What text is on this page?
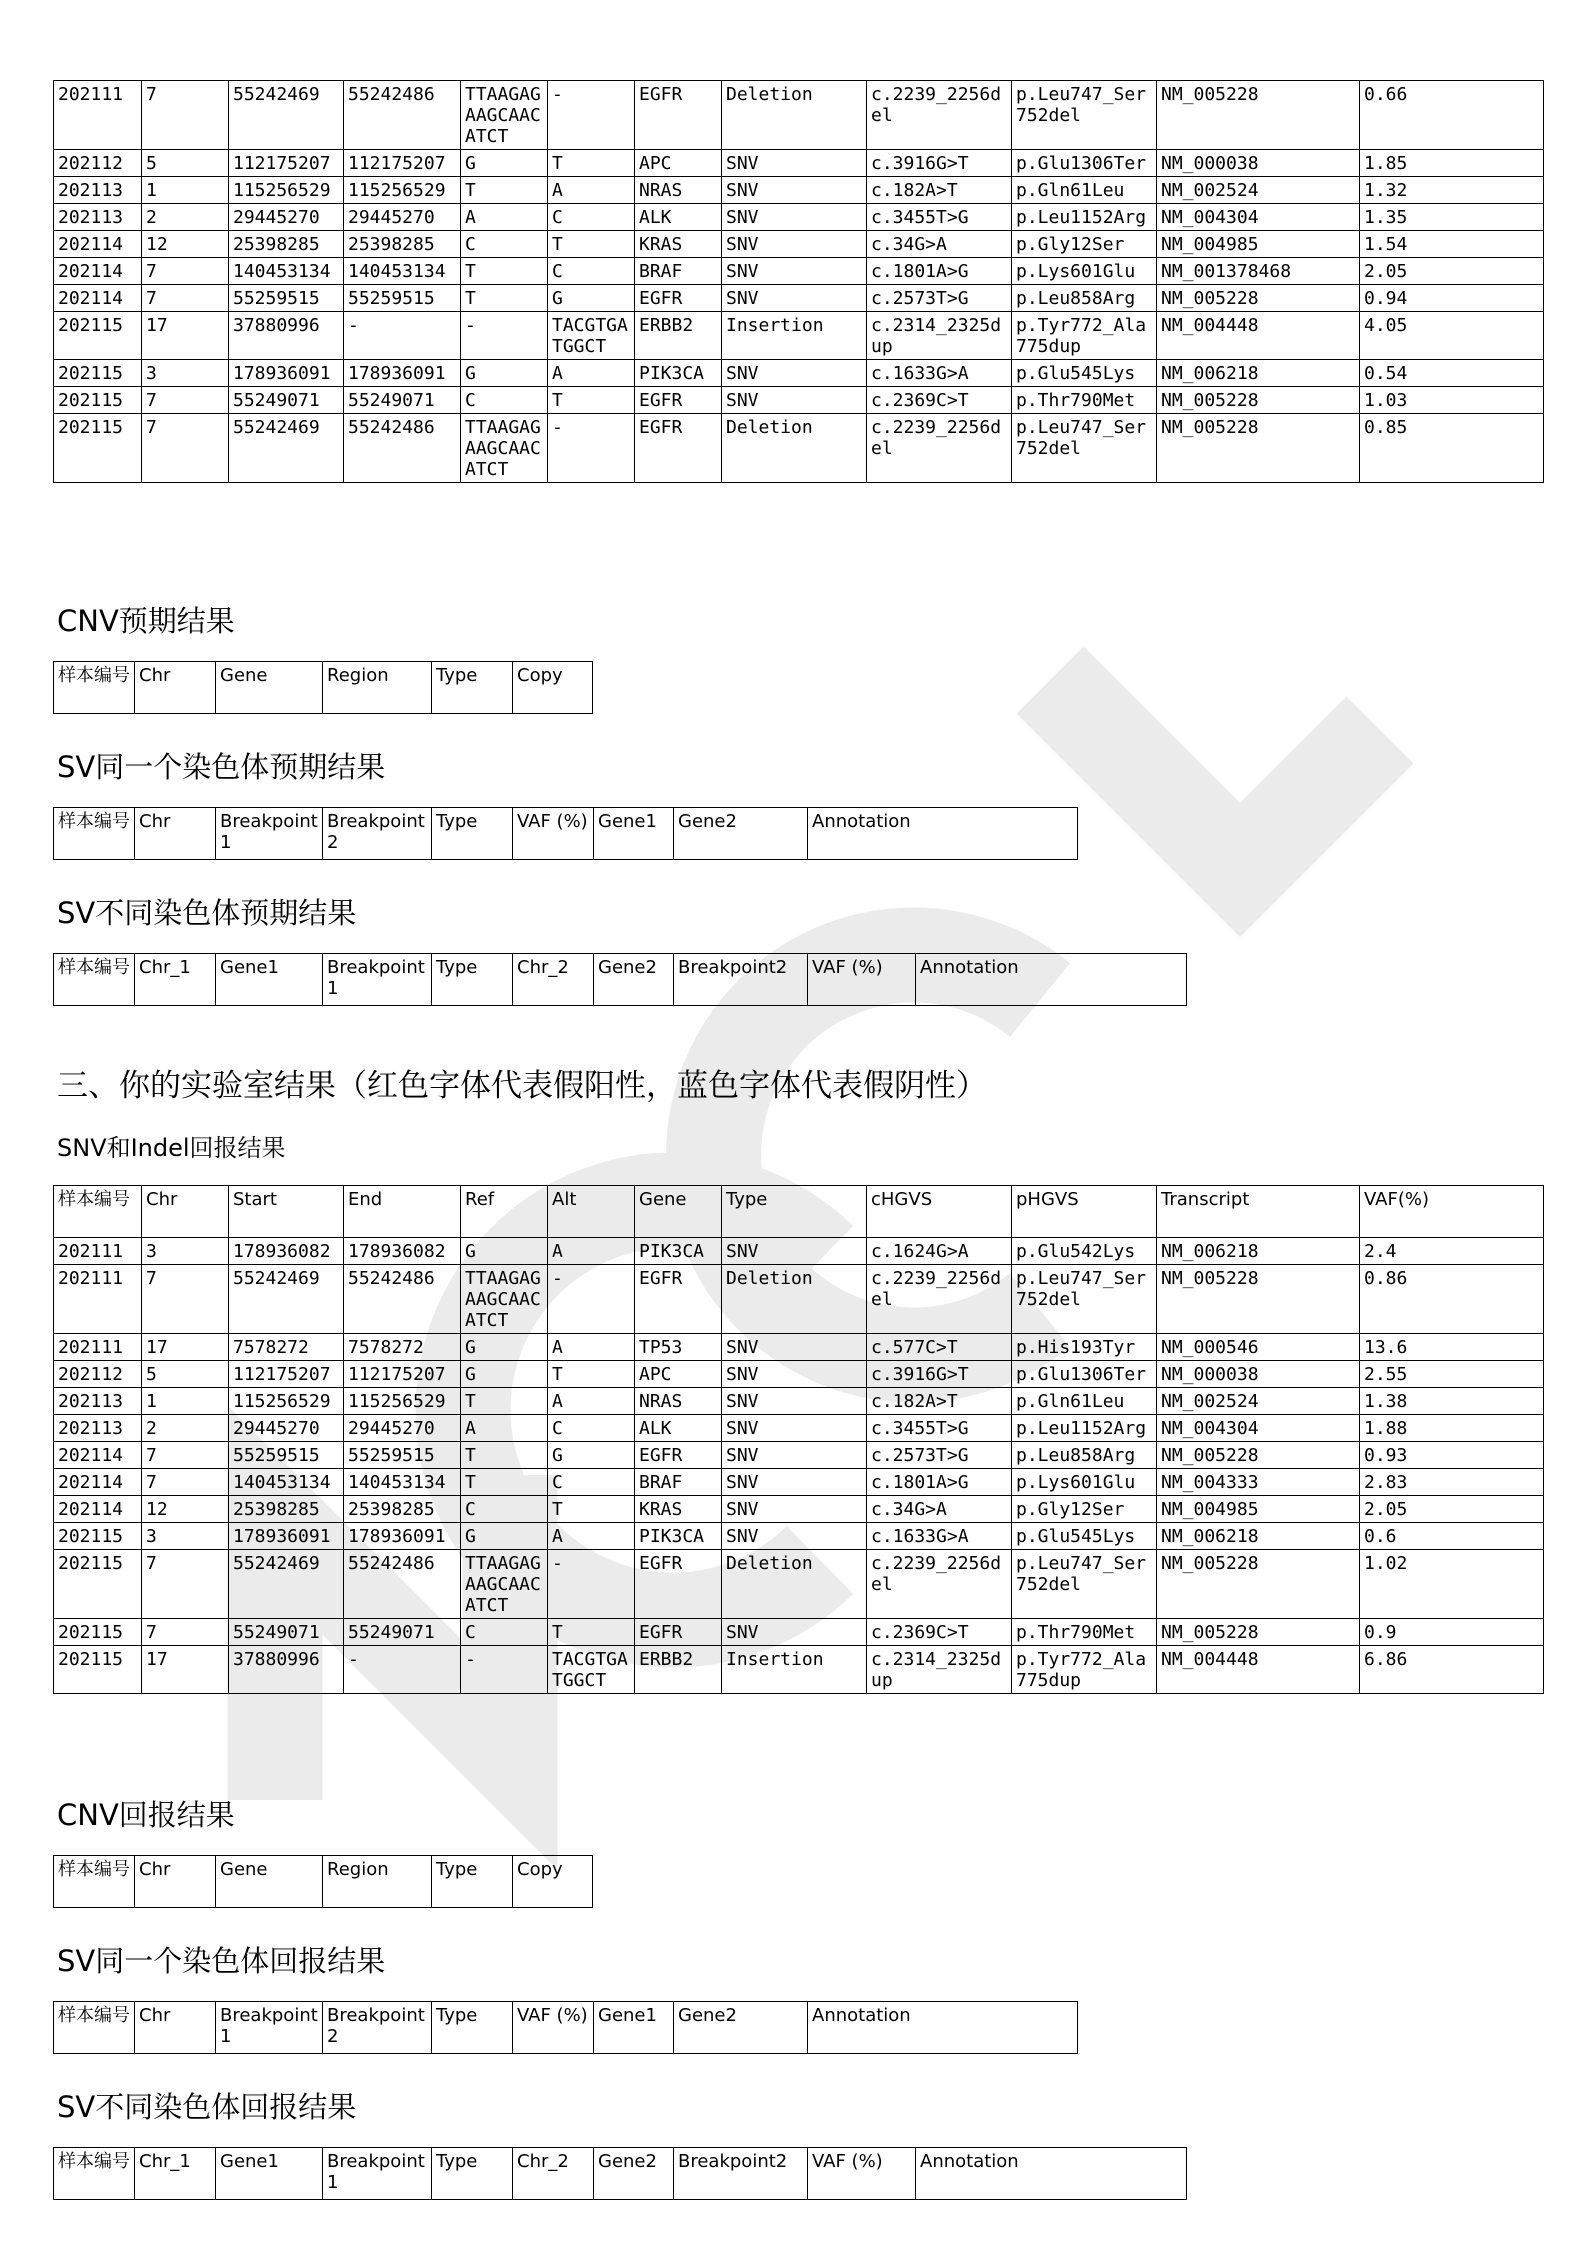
202111	7	55242469	55242486	TTAAGAGAAGCAACATCT	-	EGFR	Deletion	c.2239_2256del	p.Leu747_Ser752del	NM_005228	0.66
202112	5	112175207	112175207	G	T	APC	SNV	c.3916G>T	p.Glu1306Ter	NM_000038	1.85
202113	1	115256529	115256529	T	A	NRAS	SNV	c.182A>T	p.Gln61Leu	NM_002524	1.32
202113	2	29445270	29445270	A	C	ALK	SNV	c.3455T>G	p.Leu1152Arg	NM_004304	1.35
202114	12	25398285	25398285	C	T	KRAS	SNV	c.34G>A	p.Gly12Ser	NM_004985	1.54
202114	7	140453134	140453134	T	C	BRAF	SNV	c.1801A>G	p.Lys601Glu	NM_001378468	2.05
202114	7	55259515	55259515	T	G	EGFR	SNV	c.2573T>G	p.Leu858Arg	NM_005228	0.94
202115	17	37880996	-	-	TACGTGATGGCT	ERBB2	Insertion	c.2314_2325dup	p.Tyr772_Ala775dup	NM_004448	4.05
202115	3	178936091	178936091	G	A	PIK3CA	SNV	c.1633G>A	p.Glu545Lys	NM_006218	0.54
202115	7	55249071	55249071	C	T	EGFR	SNV	c.2369C>T	p.Thr790Met	NM_005228	1.03
202115	7	55242469	55242486	TTAAGAGAAGCAACATCT	-	EGFR	Deletion	c.2239_2256del	p.Leu747_Ser752del	NM_005228	0.85
CNV预期结果
样本编号	Chr	Gene	Region	Type	Copy
SV同一个染色体预期结果
样本编号	Chr	Breakpoint 1	Breakpoint 2	Type	VAF (%)	Gene1	Gene2	Annotation
SV不同染色体预期结果
样本编号	Chr_1	Gene1	Breakpoint1	Type	Chr_2	Gene2	Breakpoint2	VAF (%)	Annotation
三、你的实验室结果（红色字体代表假阳性，蓝色字体代表假阴性）
SNV和Indel回报结果
样本编号	Chr	Start	End	Ref	Alt	Gene	Type	cHGVS	pHGVS	Transcript	VAF(%)
202111	3	178936082	178936082	G	A	PIK3CA	SNV	c.1624G>A	p.Glu542Lys	NM_006218	2.4
202111	7	55242469	55242486	TTAAGAGAAGCAACATCT	-	EGFR	Deletion	c.2239_2256del	p.Leu747_Ser752del	NM_005228	0.86
202111	17	7578272	7578272	G	A	TP53	SNV	c.577C>T	p.His193Tyr	NM_000546	13.6
202112	5	112175207	112175207	G	T	APC	SNV	c.3916G>T	p.Glu1306Ter	NM_000038	2.55
202113	1	115256529	115256529	T	A	NRAS	SNV	c.182A>T	p.Gln61Leu	NM_002524	1.38
202113	2	29445270	29445270	A	C	ALK	SNV	c.3455T>G	p.Leu1152Arg	NM_004304	1.88
202114	7	55259515	55259515	T	G	EGFR	SNV	c.2573T>G	p.Leu858Arg	NM_005228	0.93
202114	7	140453134	140453134	T	C	BRAF	SNV	c.1801A>G	p.Lys601Glu	NM_004333	2.83
202114	12	25398285	25398285	C	T	KRAS	SNV	c.34G>A	p.Gly12Ser	NM_004985	2.05
202115	3	178936091	178936091	G	A	PIK3CA	SNV	c.1633G>A	p.Glu545Lys	NM_006218	0.6
202115	7	55242469	55242486	TTAAGAGAAGCAACATCT	-	EGFR	Deletion	c.2239_2256del	p.Leu747_Ser752del	NM_005228	1.02
202115	7	55249071	55249071	C	T	EGFR	SNV	c.2369C>T	p.Thr790Met	NM_005228	0.9
202115	17	37880996	-	-	TACGTGATGGCT	ERBB2	Insertion	c.2314_2325dup	p.Tyr772_Ala775dup	NM_004448	6.86
CNV回报结果
样本编号	Chr	Gene	Region	Type	Copy
SV同一个染色体回报结果
样本编号	Chr	Breakpoint 1	Breakpoint 2	Type	VAF (%)	Gene1	Gene2	Annotation
SV不同染色体回报结果
样本编号	Chr_1	Gene1	Breakpoint1	Type	Chr_2	Gene2	Breakpoint2	VAF (%)	Annotation
